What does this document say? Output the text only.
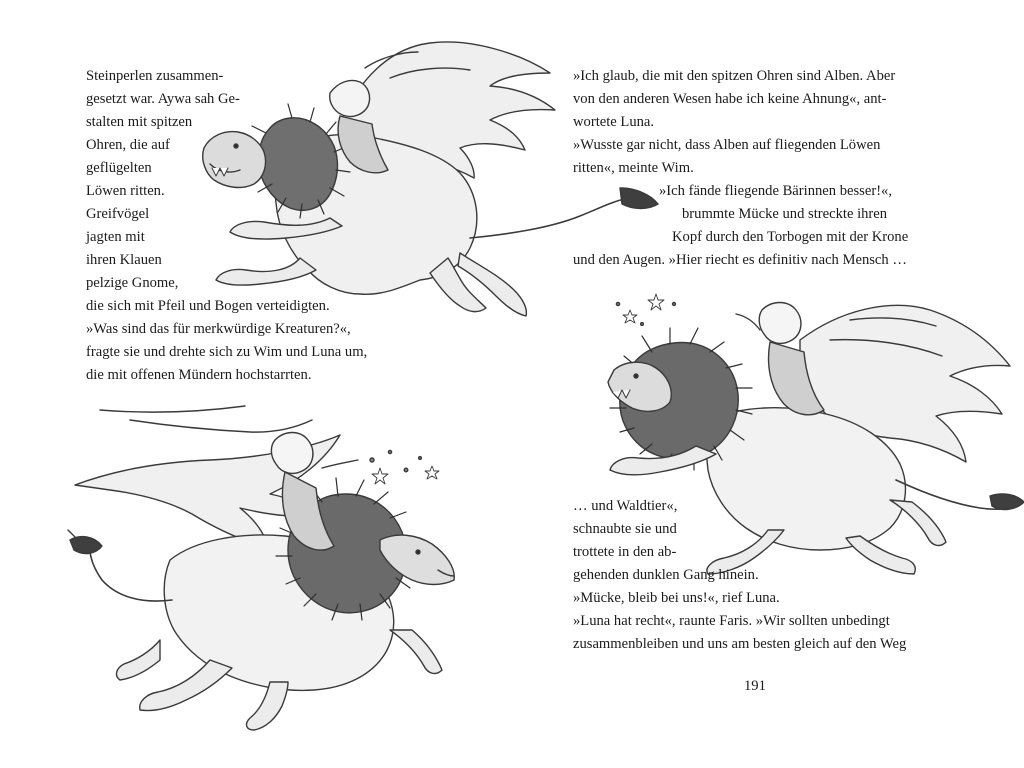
Steinperlen zusammen-
gesetzt war. Aywa sah Ge-
stalten mit spitzen
Ohren, die auf
geflügelten
Löwen ritten.
Greifvögel
jagten mit
ihren Klauen
pelzige Gnome,
die sich mit Pfeil und Bogen verteidigten.
»Was sind das für merkwürdige Kreaturen?«,
fragte sie und drehte sich zu Wim und Luna um,
die mit offenen Mündern hochstarrten.
»Ich glaub, die mit den spitzen Ohren sind Alben. Aber
von den anderen Wesen habe ich keine Ahnung«, ant-
wortete Luna.
»Wusste gar nicht, dass Alben auf fliegenden Löwen
ritten«, meinte Wim.
»Ich fände fliegende Bärinnen besser!«,
brummte Mücke und streckte ihren
Kopf durch den Torbogen mit der Krone
und den Augen. »Hier riecht es definitiv nach Mensch …
… und Waldtier«,
schnaubte sie und
trottete in den ab-
gehenden dunklen Gang hinein.
»Mücke, bleib bei uns!«, rief Luna.
»Luna hat recht«, raunte Faris. »Wir sollten unbedingt
zusammenbleiben und uns am besten gleich auf den Weg
191
